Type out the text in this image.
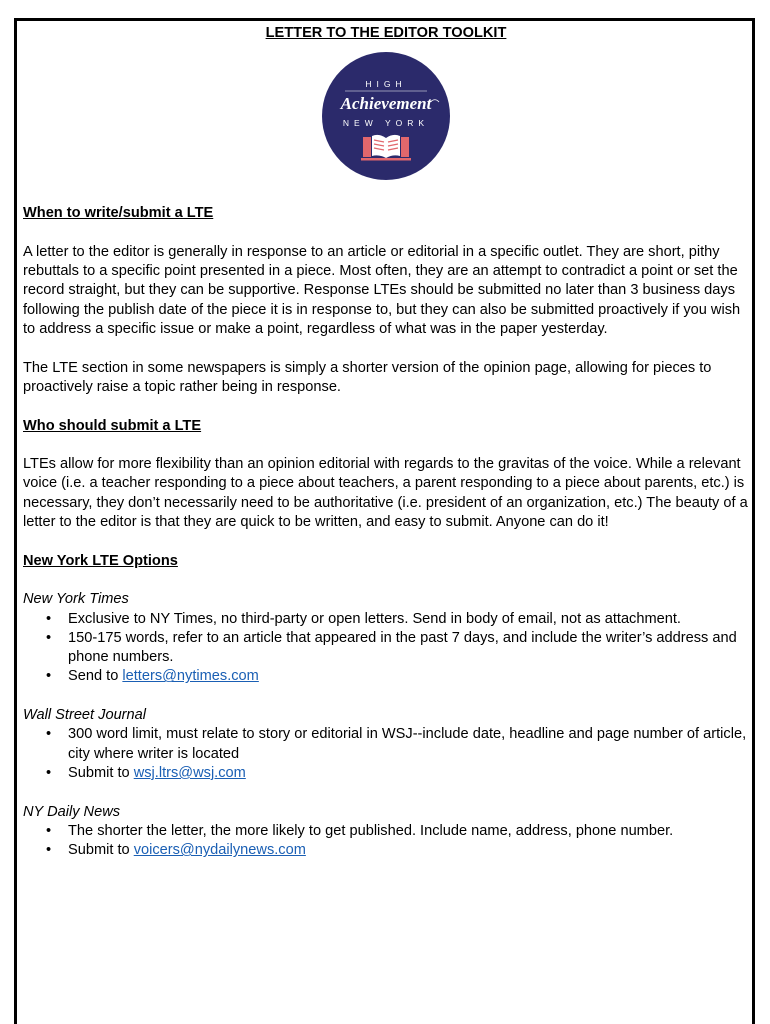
LETTER TO THE EDITOR TOOLKIT

HIGH
Achievement
NEW YORK

When to write/submit a LTE

A letter to the editor is generally in response to an article or editorial in a specific outlet. They are short, pithy rebuttals to a specific point presented in a piece. Most often, they are an attempt to contradict a point or set the record straight, but they can be supportive. Response LTEs should be submitted no later than 3 business days following the publish date of the piece it is in response to, but they can also be submitted proactively if you wish to address a specific issue or make a point, regardless of what was in the paper yesterday.

The LTE section in some newspapers is simply a shorter version of the opinion page, allowing for pieces to proactively raise a topic rather being in response.

Who should submit a LTE

LTEs allow for more flexibility than an opinion editorial with regards to the gravitas of the voice. While a relevant voice (i.e. a teacher responding to a piece about teachers, a parent responding to a piece about parents, etc.) is necessary, they don’t necessarily need to be authoritative (i.e. president of an organization, etc.) The beauty of a letter to the editor is that they are quick to be written, and easy to submit. Anyone can do it!

New York LTE Options

New York Times

• Exclusive to NY Times, no third-party or open letters. Send in body of email, not as attachment.
• 150-175 words, refer to an article that appeared in the past 7 days, and include the writer’s address and phone numbers.
• Send to letters@nytimes.com

Wall Street Journal

• 300 word limit, must relate to story or editorial in WSJ--include date, headline and page number of article, city where writer is located
• Submit to wsj.ltrs@wsj.com

NY Daily News

• The shorter the letter, the more likely to get published. Include name, address, phone number.
• Submit to voicers@nydailynews.com
